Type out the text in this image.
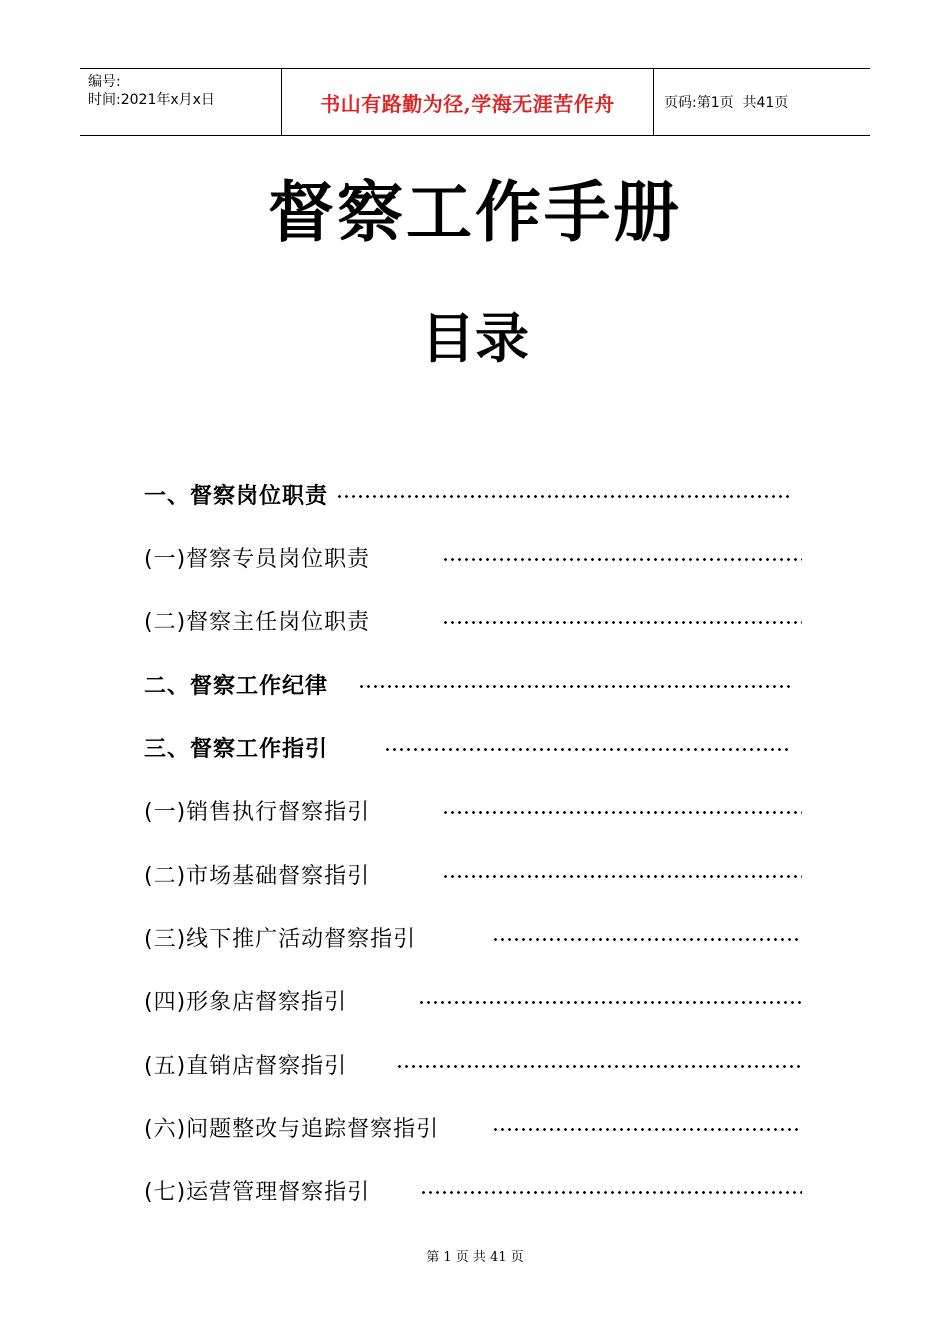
编号:
时间:2021年x月x日	书山有路勤为径,学海无涯苦作舟	页码:第1页  共41页
督察工作手册
目录
一、督察岗位职责
(一)督察专员岗位职责
(二)督察主任岗位职责
二、督察工作纪律
三、督察工作指引
(一)销售执行督察指引
(二)市场基础督察指引
(三)线下推广活动督察指引
(四)形象店督察指引
(五)直销店督察指引
(六)问题整改与追踪督察指引
(七)运营管理督察指引
第 1 页 共 41 页
